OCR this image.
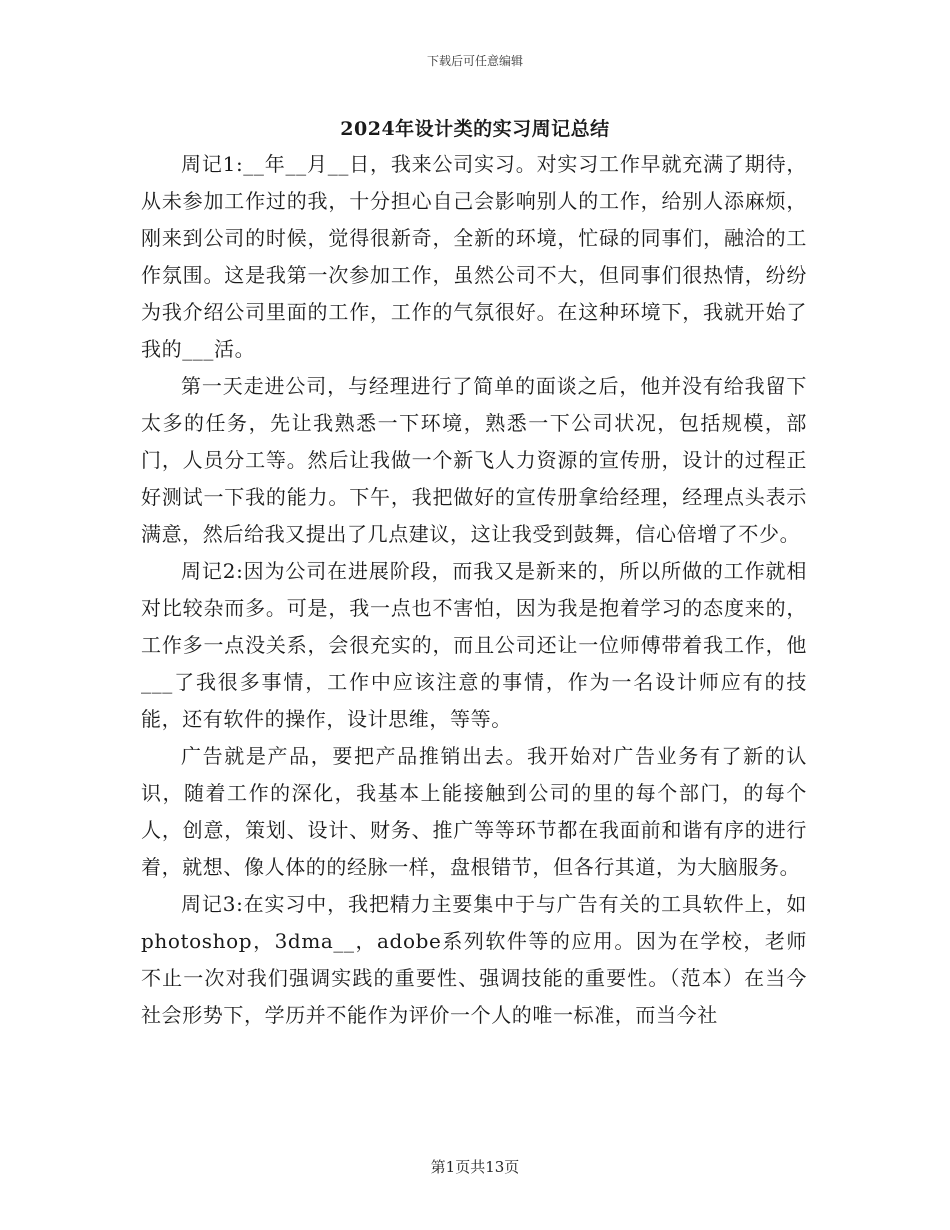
下载后可任意编辑
2024年设计类的实习周记总结

周记1:__年__月__日，我来公司实习。对实习工作早就充满了期待，从未参加工作过的我，十分担心自己会影响别人的工作，给别人添麻烦，刚来到公司的时候，觉得很新奇，全新的环境，忙碌的同事们，融洽的工作氛围。这是我第一次参加工作，虽然公司不大，但同事们很热情，纷纷为我介绍公司里面的工作，工作的气氛很好。在这种环境下，我就开始了我的___活。

第一天走进公司，与经理进行了简单的面谈之后，他并没有给我留下太多的任务，先让我熟悉一下环境，熟悉一下公司状况，包括规模，部门，人员分工等。然后让我做一个新飞人力资源的宣传册，设计的过程正好测试一下我的能力。下午，我把做好的宣传册拿给经理，经理点头表示满意，然后给我又提出了几点建议，这让我受到鼓舞，信心倍增了不少。

周记2:因为公司在进展阶段，而我又是新来的，所以所做的工作就相对比较杂而多。可是，我一点也不害怕，因为我是抱着学习的态度来的，工作多一点没关系，会很充实的，而且公司还让一位师傅带着我工作，他___了我很多事情，工作中应该注意的事情，作为一名设计师应有的技能，还有软件的操作，设计思维，等等。

广告就是产品，要把产品推销出去。我开始对广告业务有了新的认识，随着工作的深化，我基本上能接触到公司的里的每个部门，的每个人，创意，策划、设计、财务、推广等等环节都在我面前和谐有序的进行着，就想、像人体的的经脉一样，盘根错节，但各行其道，为大脑服务。

周记3:在实习中，我把精力主要集中于与广告有关的工具软件上，如photoshop，3dma__，adobe系列软件等的应用。因为在学校，老师不止一次对我们强调实践的重要性、强调技能的重要性。（范本）在当今社会形势下，学历并不能作为评价一个人的唯一标准，而当今社

第1页共13页
